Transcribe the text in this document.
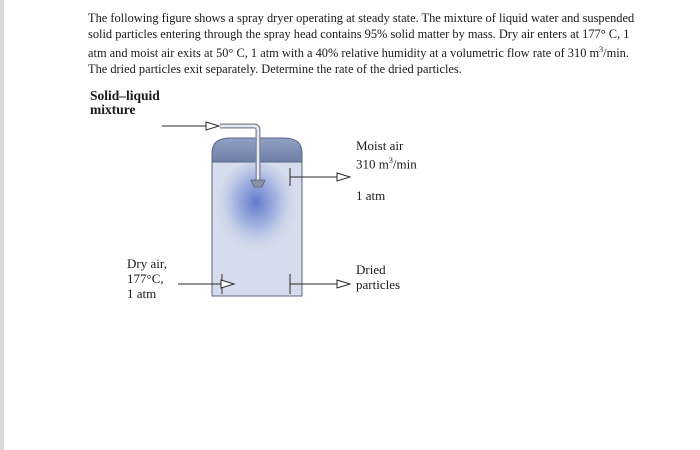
The following figure shows a spray dryer operating at steady state. The mixture of liquid water and suspended solid particles entering through the spray head contains 95% solid matter by mass. Dry air enters at 177° C, 1 atm and moist air exits at 50° C, 1 atm with a 40% relative humidity at a volumetric flow rate of 310 $m^3/\min$. The dried particles exit separately. Determine the rate of the dried particles.

Solid–liquid
mixture
Moist air
310 $m^3/\min$
1 atm
Dry air,
177°C,
1 atm
Dried
particles
